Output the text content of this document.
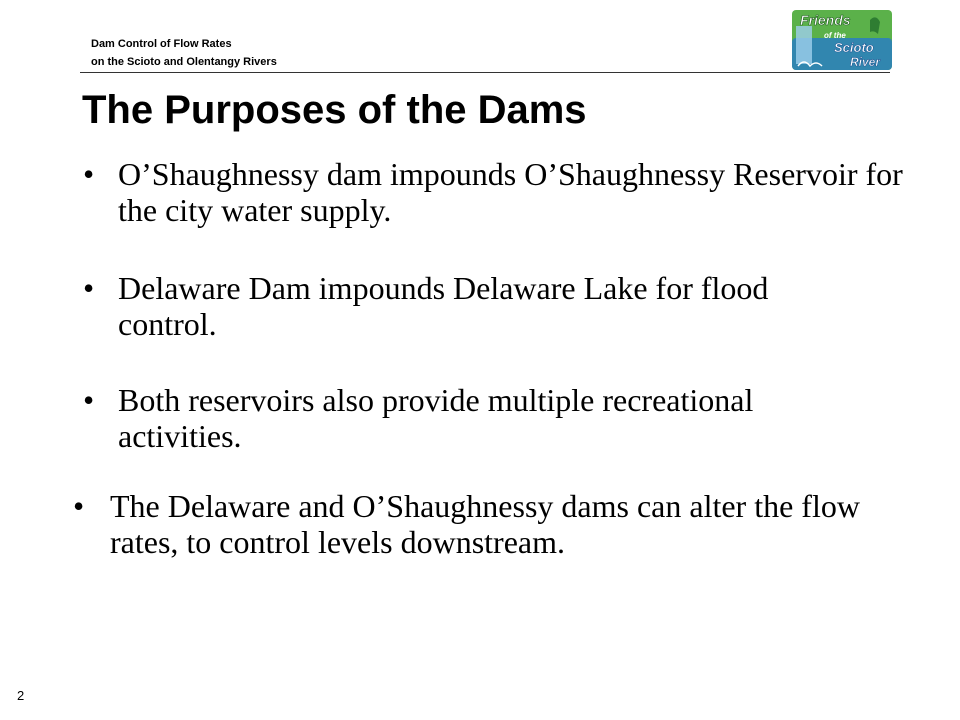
Dam Control of Flow Rates
on the Scioto and Olentangy Rivers
Friends
of the
Scioto
River
The Purposes of the Dams
• O’Shaughnessy dam impounds O’Shaughnessy Reservoir for the city water supply.
• Delaware Dam impounds Delaware Lake for flood control.
• Both reservoirs also provide multiple recreational activities.
• The Delaware and O’Shaughnessy dams can alter the flow rates, to control levels downstream.
2
